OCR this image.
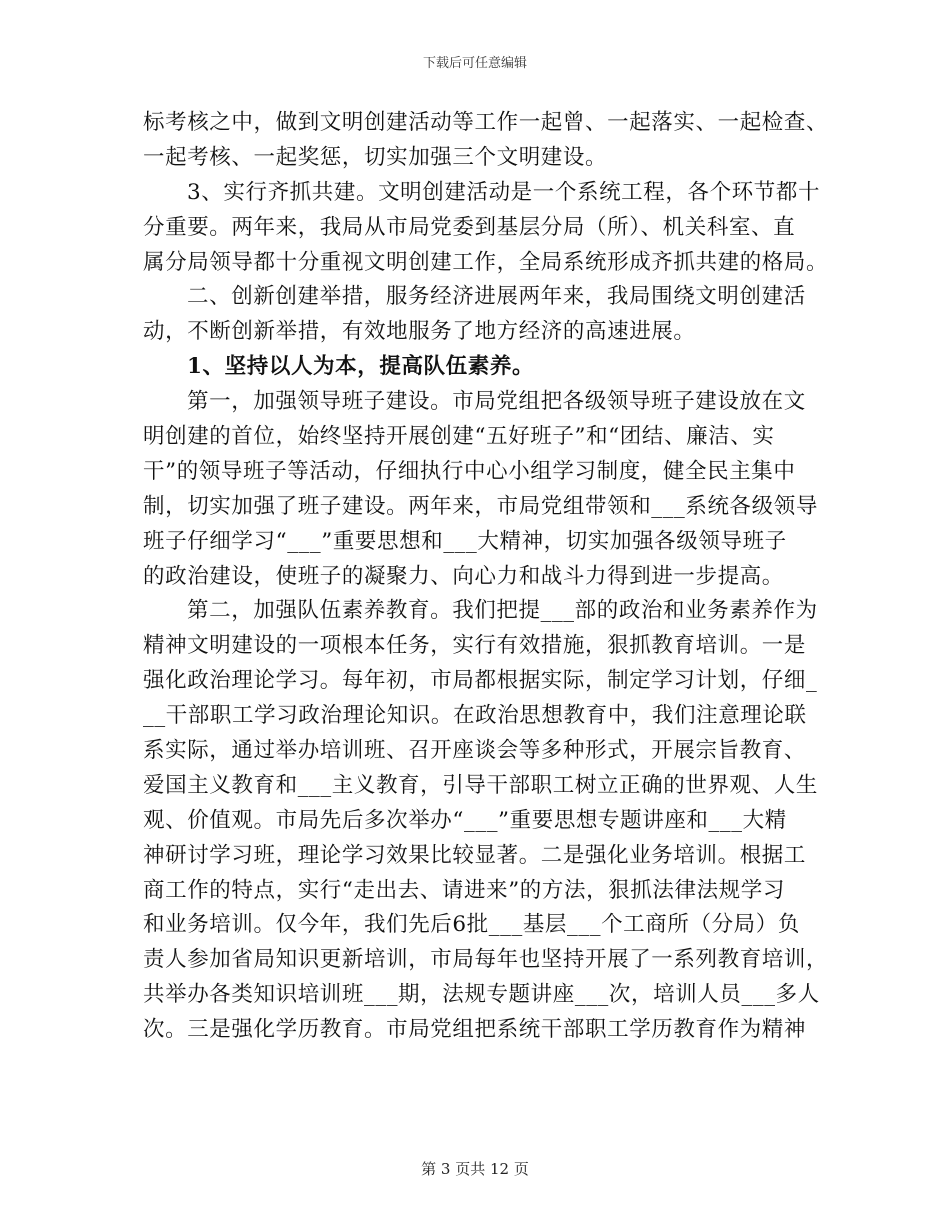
下载后可任意编辑
标考核之中，做到文明创建活动等工作一起曾、一起落实、一起检查、
一起考核、一起奖惩，切实加强三个文明建设。
3、实行齐抓共建。文明创建活动是一个系统工程，各个环节都十
分重要。两年来，我局从市局党委到基层分局（所）、机关科室、直
属分局领导都十分重视文明创建工作，全局系统形成齐抓共建的格局。
二、创新创建举措，服务经济进展两年来，我局围绕文明创建活
动，不断创新举措，有效地服务了地方经济的高速进展。
1、坚持以人为本，提高队伍素养。
第一，加强领导班子建设。市局党组把各级领导班子建设放在文
明创建的首位，始终坚持开展创建“五好班子”和“团结、廉洁、实
干”的领导班子等活动，仔细执行中心小组学习制度，健全民主集中
制，切实加强了班子建设。两年来，市局党组带领和___系统各级领导
班子仔细学习“___”重要思想和___大精神，切实加强各级领导班子
的政治建设，使班子的凝聚力、向心力和战斗力得到进一步提高。
第二，加强队伍素养教育。我们把提___部的政治和业务素养作为
精神文明建设的一项根本任务，实行有效措施，狠抓教育培训。一是
强化政治理论学习。每年初，市局都根据实际，制定学习计划，仔细_
__干部职工学习政治理论知识。在政治思想教育中，我们注意理论联
系实际，通过举办培训班、召开座谈会等多种形式，开展宗旨教育、
爱国主义教育和___主义教育，引导干部职工树立正确的世界观、人生
观、价值观。市局先后多次举办“___”重要思想专题讲座和___大精
神研讨学习班，理论学习效果比较显著。二是强化业务培训。根据工
商工作的特点，实行“走出去、请进来”的方法，狠抓法律法规学习
和业务培训。仅今年，我们先后6批___基层___个工商所（分局）负
责人参加省局知识更新培训，市局每年也坚持开展了一系列教育培训，
共举办各类知识培训班___期，法规专题讲座___次，培训人员___多人
次。三是强化学历教育。市局党组把系统干部职工学历教育作为精神
第 3 页共 12 页
